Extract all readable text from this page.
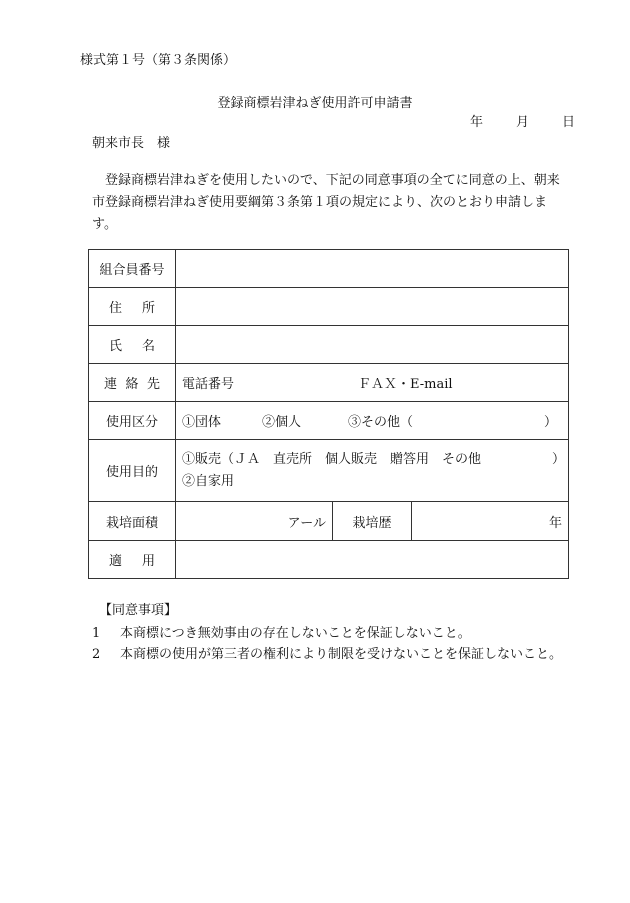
様式第１号（第３条関係）
登録商標岩津ねぎ使用許可申請書
年	月	日
朝来市長　様
登録商標岩津ねぎを使用したいので、下記の同意事項の全てに同意の上、朝来
市登録商標岩津ねぎ使用要綱第３条第１項の規定により、次のとおり申請しま
す。
組合員番号	

住 所	

氏 名	

連 絡 先	電話番号 ＦＡＸ・E-mail

使用区分	①団体 ②個人 ③その他（ ）

使用目的	①販売（ＪＡ　直売所　個人販売　贈答用　その他 ）
②自家用

栽培面積	アール 栽培歴 年

適 用	

【同意事項】
1 本商標につき無効事由の存在しないことを保証しないこと。
2 本商標の使用が第三者の権利により制限を受けないことを保証しないこと。
